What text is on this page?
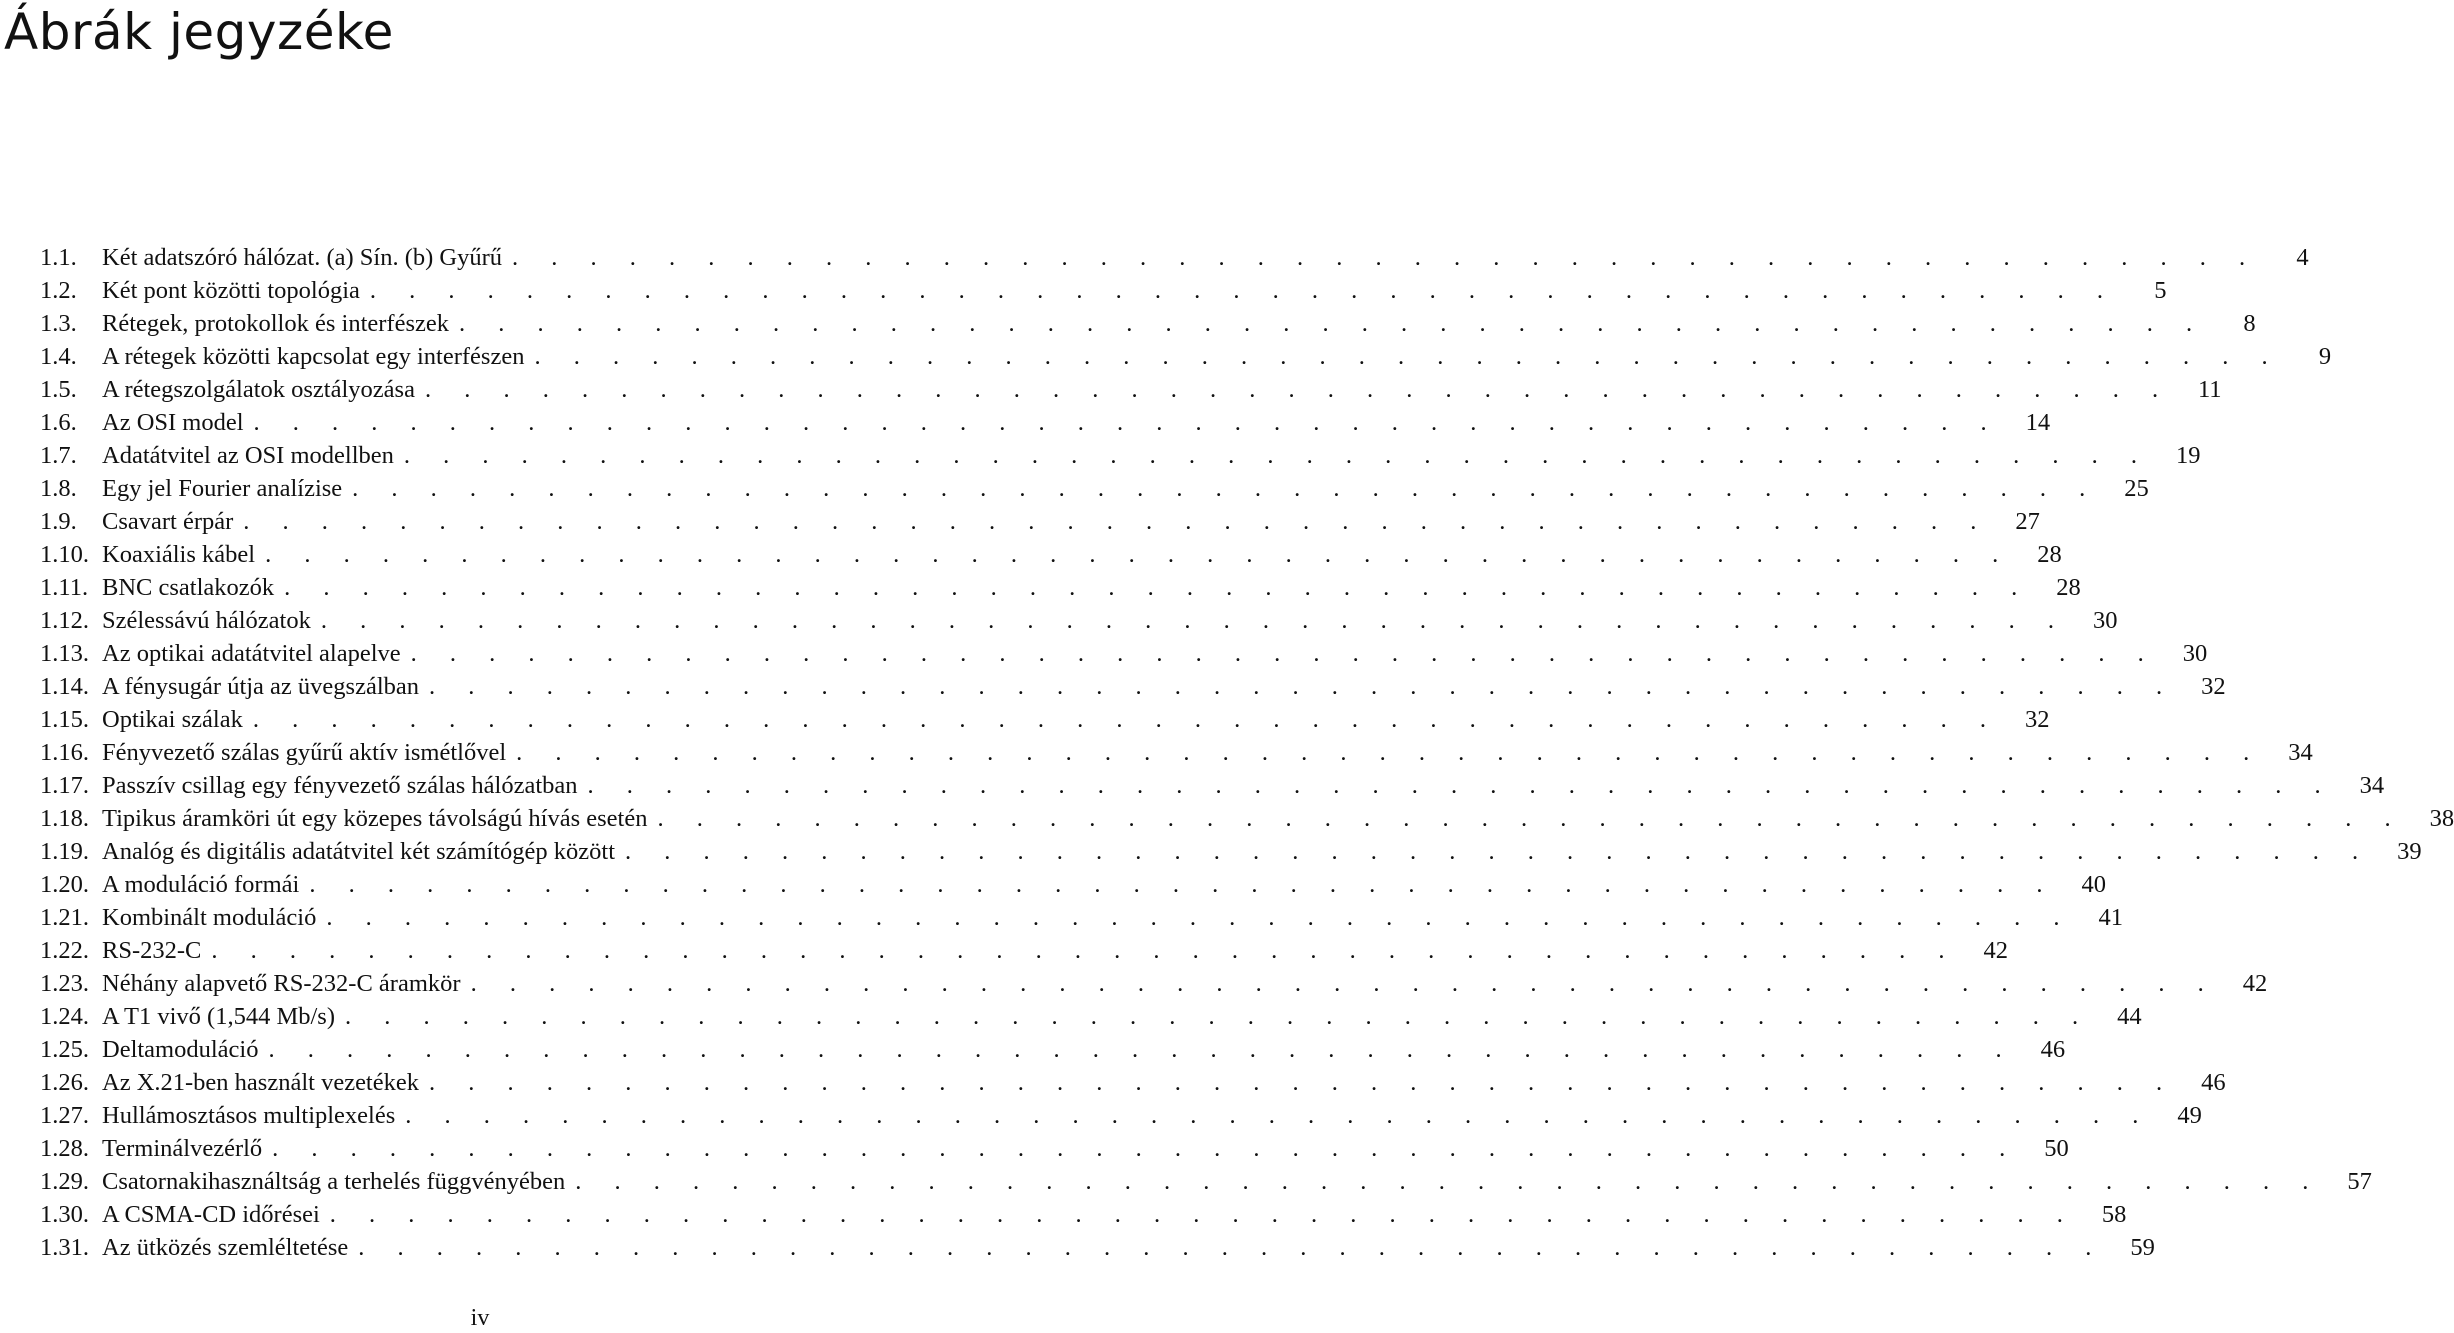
Ábrák jegyzéke
1.1.	Két adatszóró hálózat. (a) Sín. (b) Gyűrű . . . . . . . . . . . . . . . . . . . . . . . . . . . . . . . . . . . . . . . . . . . . .	4
1.2.	Két pont közötti topológia . . . . . . . . . . . . . . . . . . . . . . . . . . . . . . . . . . . . . . . . . . . . .	5
1.3.	Rétegek, protokollok és interfészek . . . . . . . . . . . . . . . . . . . . . . . . . . . . . . . . . . . . . . . . . . . . .	8
1.4.	A rétegek közötti kapcsolat egy interfészen . . . . . . . . . . . . . . . . . . . . . . . . . . . . . . . . . . . . . . . . . . . . .	9
1.5.	A rétegszolgálatok osztályozása . . . . . . . . . . . . . . . . . . . . . . . . . . . . . . . . . . . . . . . . . . . . .	11
1.6.	Az OSI model . . . . . . . . . . . . . . . . . . . . . . . . . . . . . . . . . . . . . . . . . . . . .	14
1.7.	Adatátvitel az OSI modellben . . . . . . . . . . . . . . . . . . . . . . . . . . . . . . . . . . . . . . . . . . . . .	19
1.8.	Egy jel Fourier analízise . . . . . . . . . . . . . . . . . . . . . . . . . . . . . . . . . . . . . . . . . . . . .	25
1.9.	Csavart érpár . . . . . . . . . . . . . . . . . . . . . . . . . . . . . . . . . . . . . . . . . . . . .	27
1.10. Koaxiális kábel . . . . . . . . . . . . . . . . . . . . . . . . . . . . . . . . . . . . . . . . . . . . .	28
1.11. BNC csatlakozók . . . . . . . . . . . . . . . . . . . . . . . . . . . . . . . . . . . . . . . . . . . . .	28
1.12. Szélessávú hálózatok . . . . . . . . . . . . . . . . . . . . . . . . . . . . . . . . . . . . . . . . . . . . .	30
1.13. Az optikai adatátvitel alapelve . . . . . . . . . . . . . . . . . . . . . . . . . . . . . . . . . . . . . . . . . . . . .	30
1.14. A fénysugár útja az üvegszálban . . . . . . . . . . . . . . . . . . . . . . . . . . . . . . . . . . . . . . . . . . . . .	32
1.15. Optikai szálak . . . . . . . . . . . . . . . . . . . . . . . . . . . . . . . . . . . . . . . . . . . . .	32
1.16. Fényvezető szálas gyűrű aktív ismétlővel . . . . . . . . . . . . . . . . . . . . . . . . . . . . . . . . . . . . . . . . . . . . .	34
1.17. Passzív csillag egy fényvezető szálas hálózatban . . . . . . . . . . . . . . . . . . . . . . . . . . . . . . . . . . . . . . . . . . . . .	34
1.18. Tipikus áramköri út egy közepes távolságú hívás esetén . . . . . . . . . . . . . . . . . . . . . . . . . . . . . . . . . . . . . . . . . . . . .	38
1.19. Analóg és digitális adatátvitel két számítógép között . . . . . . . . . . . . . . . . . . . . . . . . . . . . . . . . . . . . . . . . . . . . .	39
1.20. A moduláció formái . . . . . . . . . . . . . . . . . . . . . . . . . . . . . . . . . . . . . . . . . . . . .	40
1.21. Kombinált moduláció . . . . . . . . . . . . . . . . . . . . . . . . . . . . . . . . . . . . . . . . . . . . .	41
1.22. RS-232-C . . . . . . . . . . . . . . . . . . . . . . . . . . . . . . . . . . . . . . . . . . . . .	42
1.23. Néhány alapvető RS-232-C áramkör . . . . . . . . . . . . . . . . . . . . . . . . . . . . . . . . . . . . . . . . . . . . .	42
1.24. A T1 vivő (1,544 Mb/s) . . . . . . . . . . . . . . . . . . . . . . . . . . . . . . . . . . . . . . . . . . . . .	44
1.25. Deltamoduláció . . . . . . . . . . . . . . . . . . . . . . . . . . . . . . . . . . . . . . . . . . . . .	46
1.26. Az X.21-ben használt vezetékek . . . . . . . . . . . . . . . . . . . . . . . . . . . . . . . . . . . . . . . . . . . . .	46
1.27. Hullámosztásos multiplexelés . . . . . . . . . . . . . . . . . . . . . . . . . . . . . . . . . . . . . . . . . . . . .	49
1.28. Terminálvezérlő . . . . . . . . . . . . . . . . . . . . . . . . . . . . . . . . . . . . . . . . . . . . .	50
1.29. Csatornakihasználtság a terhelés függvényében . . . . . . . . . . . . . . . . . . . . . . . . . . . . . . . . . . . . . . . . . . . . .	57
1.30. A CSMA-CD időrései . . . . . . . . . . . . . . . . . . . . . . . . . . . . . . . . . . . . . . . . . . . . .	58
1.31. Az ütközés szemléltetése . . . . . . . . . . . . . . . . . . . . . . . . . . . . . . . . . . . . . . . . . . . . .	59
iv
